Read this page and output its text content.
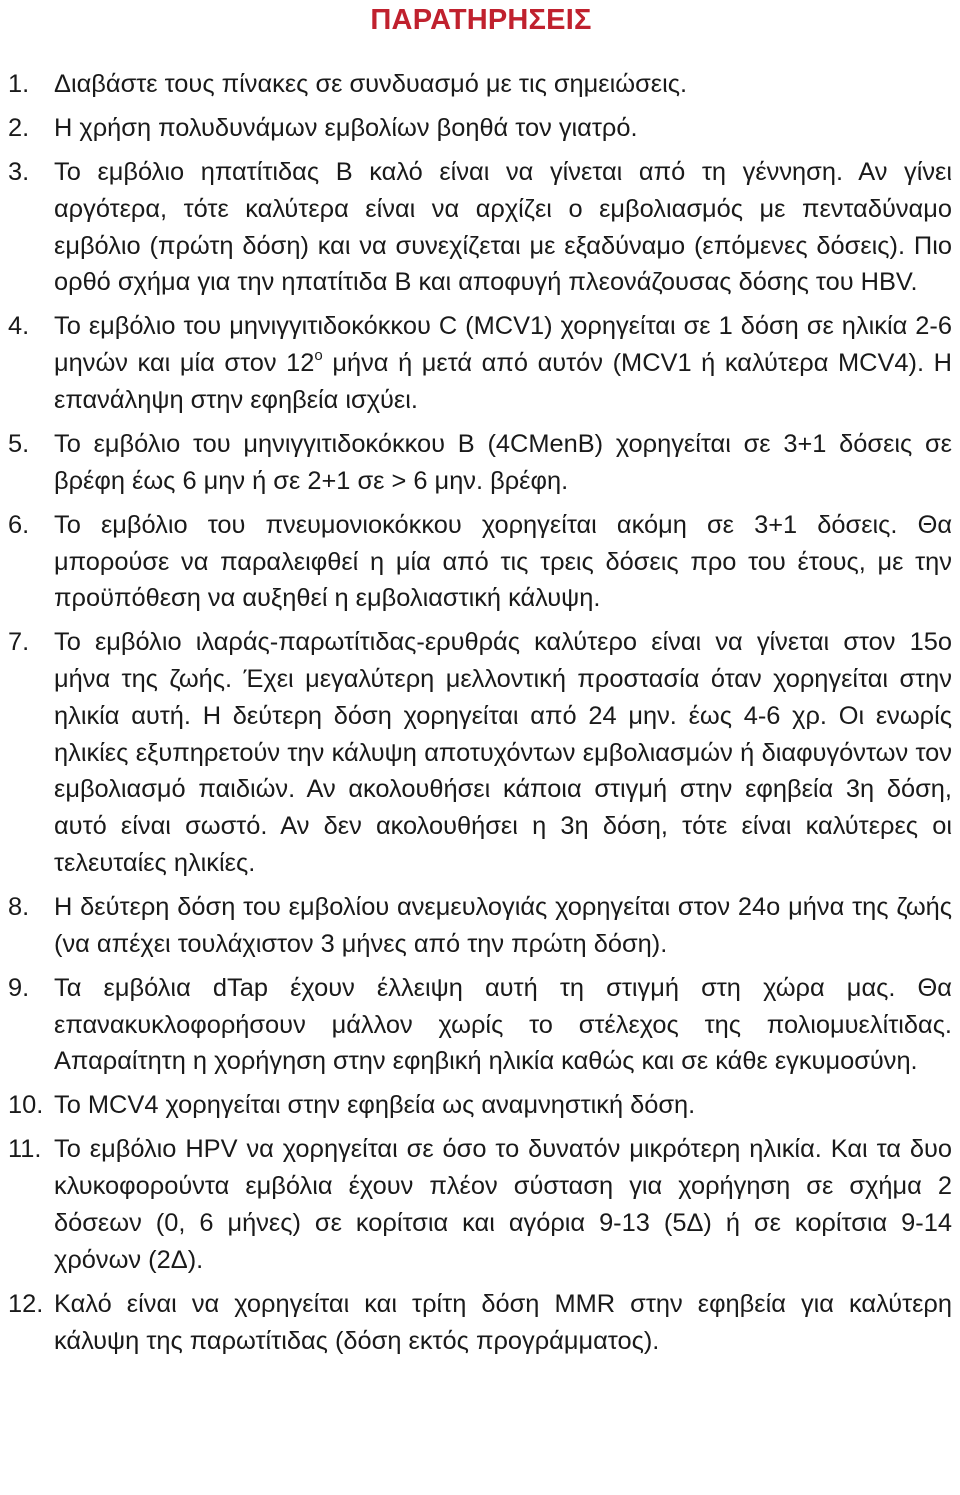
ΠΑΡΑΤΗΡΗΣΕΙΣ
1. Διαβάστε τους πίνακες σε συνδυασμό με τις σημειώσεις.
2. Η χρήση πολυδυνάμων εμβολίων βοηθά τον γιατρό.
3. Το εμβόλιο ηπατίτιδας Β καλό είναι να γίνεται από τη γέννηση. Αν γίνει αργότερα, τότε καλύτερα είναι να αρχίζει ο εμβολιασμός με πενταδύναμο εμβόλιο (πρώτη δόση) και να συνεχίζεται με εξαδύναμο (επόμενες δόσεις). Πιο ορθό σχήμα για την ηπατίτιδα Β και αποφυγή πλεονάζουσας δόσης του HBV.
4. Το εμβόλιο του μηνιγγιτιδοκόκκου C (MCV1) χορηγείται σε 1 δόση σε ηλικία 2-6 μηνών και μία στον $12^o$ μήνα ή μετά από αυτόν (MCV1 ή καλύτερα MCV4). Η επανάληψη στην εφηβεία ισχύει.
5. Το εμβόλιο του μηνιγγιτιδοκόκκου Β (4CMenB) χορηγείται σε 3+1 δόσεις σε βρέφη έως 6 μην ή σε 2+1 σε > 6 μην. βρέφη.
6. Το εμβόλιο του πνευμονιοκόκκου χορηγείται ακόμη σε 3+1 δόσεις. Θα μπορούσε να παραλειφθεί η μία από τις τρεις δόσεις προ του έτους, με την προϋπόθεση να αυξηθεί η εμβολιαστική κάλυψη.
7. Το εμβόλιο ιλαράς-παρωτίτιδας-ερυθράς καλύτερο είναι να γίνεται στον 15ο μήνα της ζωής. Έχει μεγαλύτερη μελλοντική προστασία όταν χορηγείται στην ηλικία αυτή. Η δεύτερη δόση χορηγείται από 24 μην. έως 4-6 χρ. Οι ενωρίς ηλικίες εξυπηρετούν την κάλυψη αποτυχόντων εμβολιασμών ή διαφυγόντων τον εμβολιασμό παιδιών. Αν ακολουθήσει κάποια στιγμή στην εφηβεία 3η δόση, αυτό είναι σωστό. Αν δεν ακολουθήσει η 3η δόση, τότε είναι καλύτερες οι τελευταίες ηλικίες.
8. Η δεύτερη δόση του εμβολίου ανεμευλογιάς χορηγείται στον 24ο μήνα της ζωής (να απέχει τουλάχιστον 3 μήνες από την πρώτη δόση).
9. Τα εμβόλια dTap έχουν έλλειψη αυτή τη στιγμή στη χώρα μας. Θα επανακυκλοφορήσουν μάλλον χωρίς το στέλεχος της πολιομυελίτιδας. Απαραίτητη η χορήγηση στην εφηβική ηλικία καθώς και σε κάθε εγκυμοσύνη.
10. Το MCV4 χορηγείται στην εφηβεία ως αναμνηστική δόση.
11. Το εμβόλιο HPV να χορηγείται σε όσο το δυνατόν μικρότερη ηλικία. Και τα δυο κλυκοφορούντα εμβόλια έχουν πλέον σύσταση για χορήγηση σε σχήμα 2 δόσεων (0, 6 μήνες) σε κορίτσια και αγόρια 9-13 (5Δ) ή σε κορίτσια 9-14 χρόνων (2Δ).
12. Καλό είναι να χορηγείται και τρίτη δόση MMR στην εφηβεία για καλύτερη κάλυψη της παρωτίτιδας (δόση εκτός προγράμματος).
